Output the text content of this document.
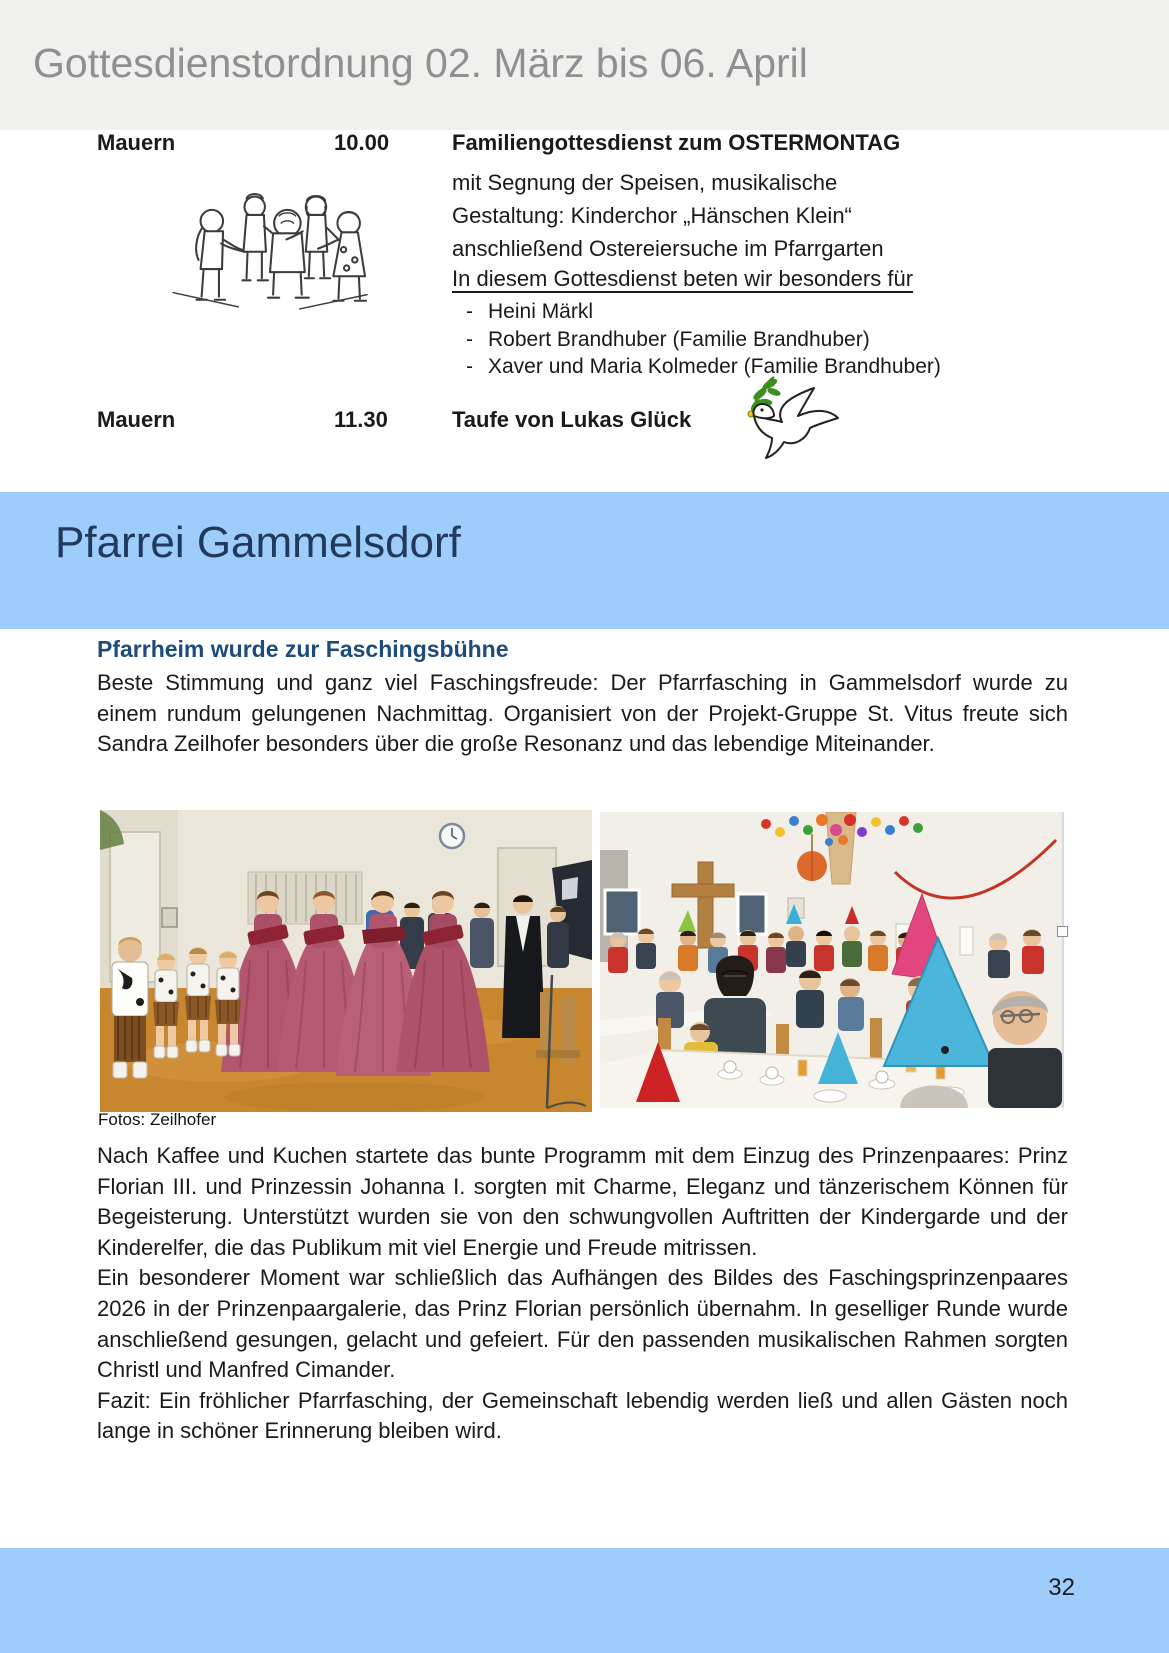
Gottesdienstordnung 02. März bis 06. April
Mauern	10.00	Familiengottesdienst zum OSTERMONTAG
mit Segnung der Speisen, musikalische
Gestaltung: Kinderchor „Hänschen Klein“
anschließend Ostereiersuche im Pfarrgarten
In diesem Gottesdienst beten wir besonders für
- Heini Märkl
- Robert Brandhuber (Familie Brandhuber)
- Xaver und Maria Kolmeder (Familie Brandhuber)
Mauern	11.30	Taufe von Lukas Glück
Pfarrei Gammelsdorf
Pfarrheim wurde zur Faschingsbühne

Beste Stimmung und ganz viel Faschingsfreude: Der Pfarrfasching in Gammelsdorf wurde zu einem rundum gelungenen Nachmittag. Organisiert von der Projekt-Gruppe St. Vitus freute sich Sandra Zeilhofer besonders über die große Resonanz und das lebendige Miteinander.

Fotos: Zeilhofer

Nach Kaffee und Kuchen startete das bunte Programm mit dem Einzug des Prinzenpaares: Prinz Florian III. und Prinzessin Johanna I. sorgten mit Charme, Eleganz und tänzerischem Können für Begeisterung. Unterstützt wurden sie von den schwungvollen Auftritten der Kindergarde und der Kinderelfer, die das Publikum mit viel Energie und Freude mitrissen.

Ein besonderer Moment war schließlich das Aufhängen des Bildes des Faschingsprinzenpaares 2026 in der Prinzenpaargalerie, das Prinz Florian persönlich übernahm. In geselliger Runde wurde anschließend gesungen, gelacht und gefeiert. Für den passenden musikalischen Rahmen sorgten Christl und Manfred Cimander.

Fazit: Ein fröhlicher Pfarrfasching, der Gemeinschaft lebendig werden ließ und allen Gästen noch lange in schöner Erinnerung bleiben wird.

32
